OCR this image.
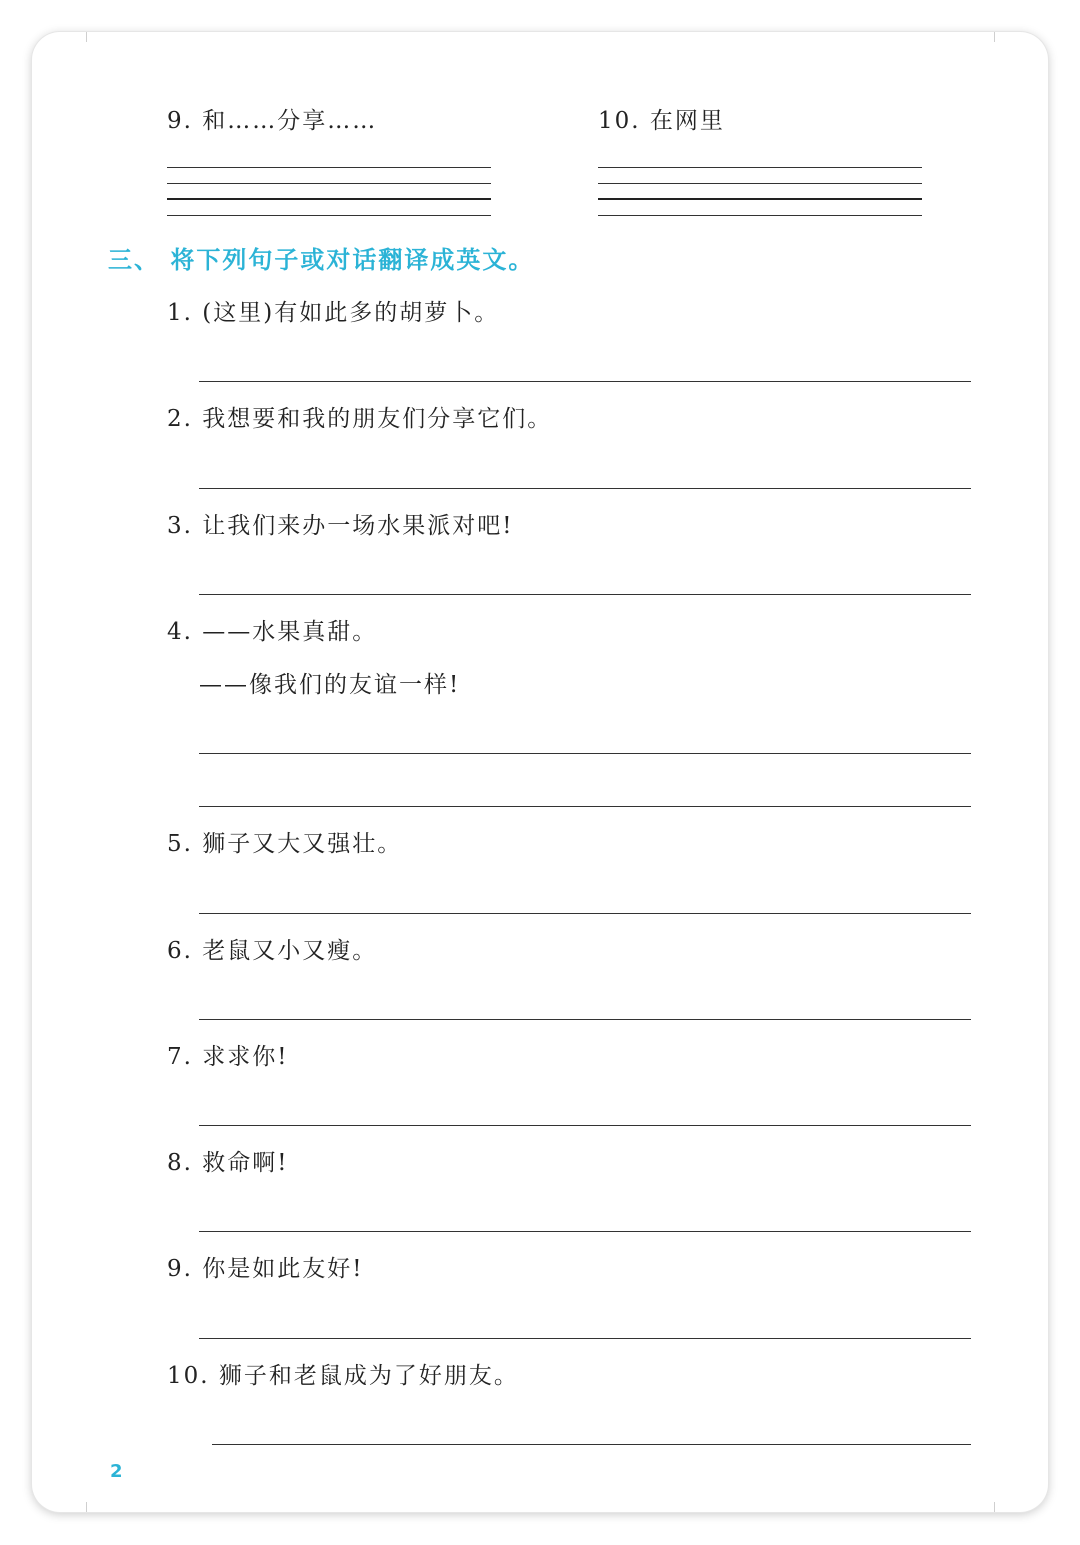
9. 和……分享……	10. 在网里
三、 将下列句子或对话翻译成英文。
1. (这里)有如此多的胡萝卜。
2. 我想要和我的朋友们分享它们。
3. 让我们来办一场水果派对吧!
4. ——水果真甜。
——像我们的友谊一样!
5. 狮子又大又强壮。
6. 老鼠又小又瘦。
7. 求求你!
8. 救命啊!
9. 你是如此友好!
10. 狮子和老鼠成为了好朋友。
2
